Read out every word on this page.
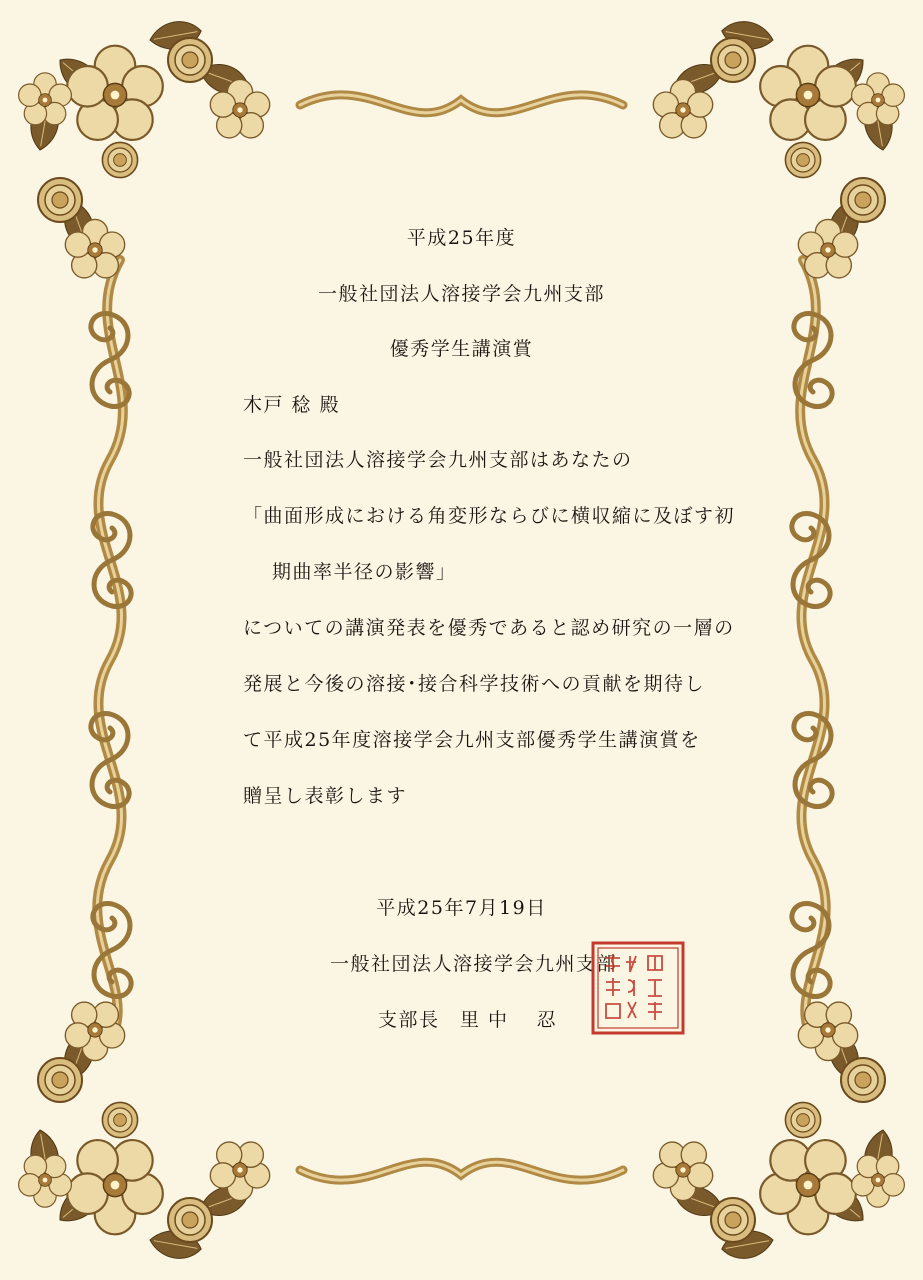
平成25年度

一般社団法人溶接学会九州支部

優秀学生講演賞

木戸 稔 殿

一般社団法人溶接学会九州支部はあなたの

「曲面形成における角変形ならびに横収縮に及ぼす初

期曲率半径の影響」

についての講演発表を優秀であると認め研究の一層の

発展と今後の溶接･接合科学技術への貢献を期待し

て平成25年度溶接学会九州支部優秀学生講演賞を

贈呈し表彰します

平成25年7月19日

一般社団法人溶接学会九州支部

支部長　里 中　 忍
